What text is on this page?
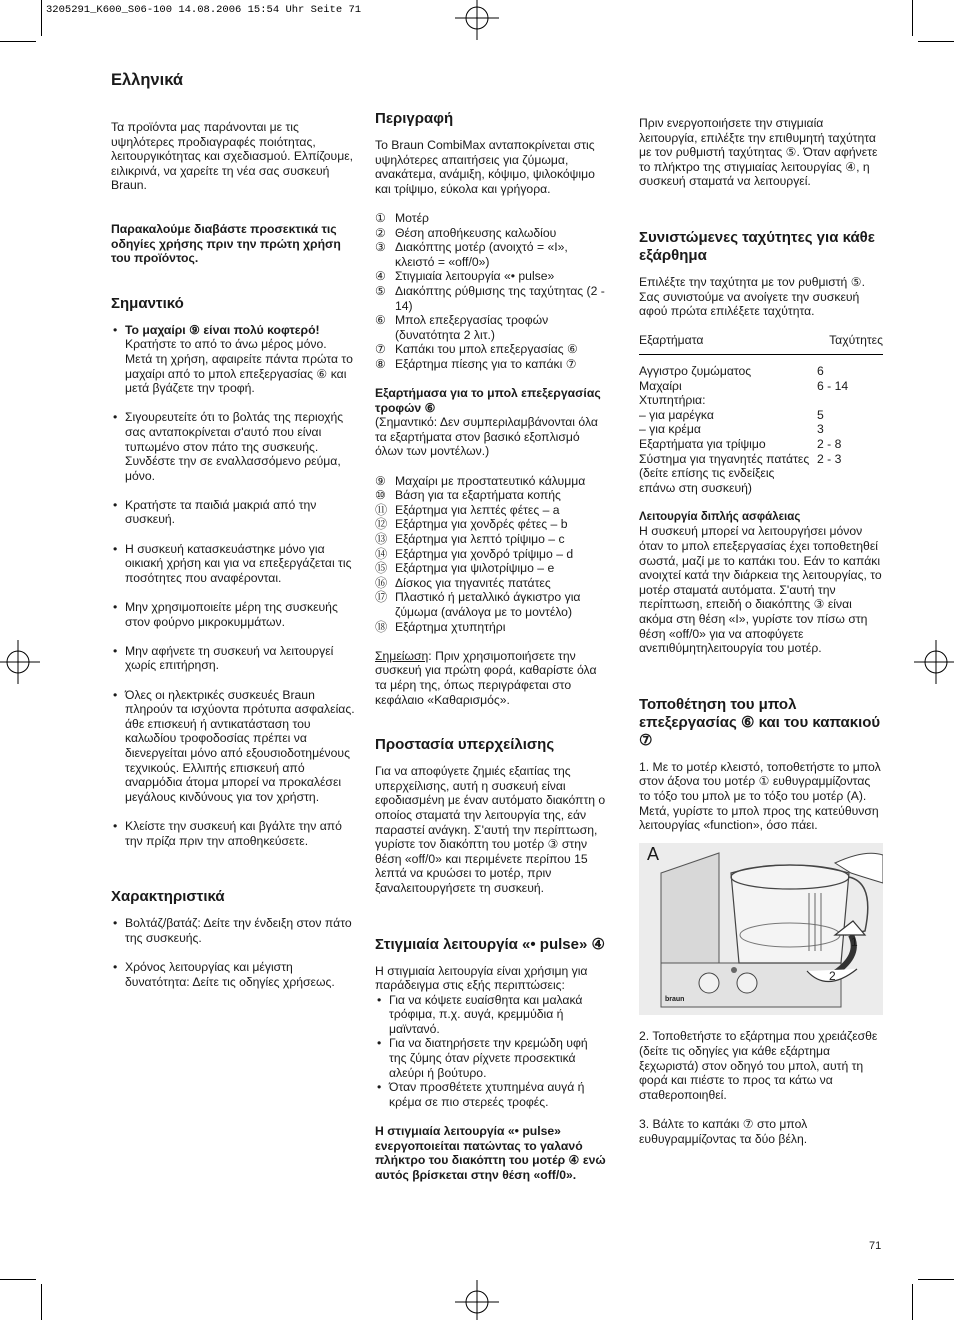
3205291_K600_S06-100 14.08.2006 15:54 Uhr Seite 71
Ελληνικά

Τα προϊόντα μας παράνονται με τις υψηλότερες προδιαγραφές ποιότητας, λειτουργικότητας και σχεδιασμού. Ελπίζουμε, ειλικρινά, να χαρείτε τη νέα σας συσκευή Braun.

Παρακαλούμε διαβάστε προσεκτικά τις οδηγίες χρήσης πριν την πρώτη χρήση του προϊόντος.

Σημαντικό
• Το μαχαίρι ⑨ είναι πολύ κοφτερό! Κρατήστε το από το άνω μέρος μόνο. Μετά τη χρήση, αφαιρείτε πάντα πρώτα το μαχαίρι από το μπολ επεξεργασίας ⑥ και μετά βγάζετε την τροφή.
• Σιγουρευτείτε ότι το βολτάς της περιοχής σας ανταποκρίνεται σ'αυτό που είναι τυπωμένο στον πάτο της συσκευής. Συνδέστε την σε εναλλασσόμενο ρεύμα, μόνο.
• Κρατήστε τα παιδιά μακριά από την συσκευή.
• Η συσκευή κατασκευάστηκε μόνο για οικιακή χρήση και για να επεξεργάζεται τις ποσότητες που αναφέρονται.
• Μην χρησιμοποιείτε μέρη της συσκευής στον φούρνο μικροκυμμάτων.
• Μην αφήνετε τη συσκευή να λειτουργεί χωρίς επιτήρηση.
• Όλες οι ηλεκτρικές συσκευές Braun πληρούν τα ισχύοντα πρότυπα ασφαλείας. άθε επισκευή ή αντικατάσταση του καλωδίου τροφοδοσίας πρέπει να διενεργείται μόνο από εξουσιοδοτημένους τεχνικούς. Ελλιπής επισκευή από αναρμόδια άτομα μπορεί να προκαλέσει μεγάλους κινδύνους για τον χρήστη.
• Κλείστε την συσκευή και βγάλτε την από την πρίζα πριν την αποθηκεύσετε.
Χαρακτηριστικά
• Βολτάζ/βατάζ: Δείτε την ένδειξη στον πάτο της συσκευής.
• Χρόνος λειτουργίας και μέγιστη δυνατότητα: Δείτε τις οδηγίες χρήσεως.
Περιγραφή

Το Braun CombiMax ανταποκρίνεται στις υψηλότερες απαιτήσεις για ζύμωμα, ανακάτεμα, ανάμιξη, κόψιμο, ψιλοκόψιμο και τρίψιμο, εύκολα και γρήγορα.

① Μοτέρ
② Θέση αποθήκευσης καλωδίου
③ Διακόπτης μοτέρ (ανοιχτό = «I», κλειστό = «off/0»)
④ Στιγμιαία λειτουργία «• pulse»
⑤ Διακόπτης ρύθμισης της ταχύτητας (2 - 14)
⑥ Μπολ επεξεργασίας τροφών (δυνατότητα 2 λιτ.)
⑦ Καπάκι του μπολ επεξεργασίας ⑥
⑧ Εξάρτημα πίεσης για το καπάκι ⑦

Εξαρτήμασα για το μπολ επεξεργασίας τροφών ⑥

(Σημαντικό: Δεν συμπεριλαμβάνονται όλα τα εξαρτήματα στον βασικό εξοπλισμό όλων των μοντέλων.)

⑨ Μαχαίρι με προστατευτικό κάλυμμα
⑩ Βάση για τα εξαρτήματα κοπής
⑪ Εξάρτημα για λεπτές φέτες – a
⑫ Εξάρτημα για χονδρές φέτες – b
⑬ Εξάρτημα για λεπτό τρίψιμο – c
⑭ Εξάρτημα για χονδρό τρίψιμο – d
⑮ Εξάρτημα για ψιλοτρίψιμο – e
⑯ Δίσκος για τηγανιτές πατάτες
⑰ Πλαστικό ή μεταλλικό άγκιστρο για ζύμωμα (ανάλογα με το μοντέλο)
⑱ Εξάρτημα χτυπητήρι

Σημείωση: Πριν χρησιμοποιήσετε την συσκευή για πρώτη φορά, καθαρίστε όλα τα μέρη της, όπως περιγράφεται στο κεφάλαιο «Καθαρισμός».

Προστασία υπερχείλισης

Για να αποφύγετε ζημιές εξαιτίας της υπερχείλισης, αυτή η συσκευή είναι εφοδιασμένη με έναν αυτόματο διακόπτη ο οποίος σταματά την λειτουργία της, εάν παραστεί ανάγκη. Σ'αυτή την περίπτωση, γυρίστε τον διακόπτη του μοτέρ ③ στην θέση «off/0» και περιμένετε περίπου 15 λεπτά να κρυώσει το μοτέρ, πριν ξαναλειτουργήσετε τη συσκευή.

Στιγμιαία λειτουργία «• pulse» ④

Η στιγμιαία λειτουργία είναι χρήσιμη για παράδειγμα στις εξής περιπτώσεις:

• Για να κόψετε ευαίσθητα και μαλακά τρόφιμα, π.χ. αυγά, κρεμμύδια ή μαϊντανό.
• Για να διατηρήσετε την κρεμώδη υφή της ζύμης όταν ρίχνετε προσεκτικά αλεύρι ή βούτυρο.
• Όταν προσθέτετε χτυπημένα αυγά ή κρέμα σε πιο στερεές τροφές.

Η στιγμιαία λειτουργία «• pulse» ενεργοποιείται πατώντας το γαλανό πλήκτρο του διακόπτη του μοτέρ ④ ενώ αυτός βρίσκεται στην θέση «off/0».

Πριν ενεργοποιήσετε την στιγμιαία λειτουργία, επιλέξτε την επιθυμητή ταχύτητα με τον ρυθμιστή ταχύτητας ⑤. Όταν αφήνετε το πλήκτρο της στιγμιαίας λειτουργίας ④, η συσκευή σταματά να λειτουργεί.

Συνιστώμενες ταχύτητες για κάθε εξάρθημα

Επιλέξτε την ταχύτητα με τον ρυθμιστή ⑤. Σας συνιστούμε να ανοίγετε την συσκευή αφού πρώτα επιλέξετε ταχύτητα.

Εξαρτήματα	Ταχύτητες

Αγγιστρο ζυμώματος	6
Μαχαίρι	6 - 14
Χτυπητήρια:	
– για μαρέγκα	5
– για κρέμα	3
Εξαρτήματα για τρίψιμο	2 - 8
Σύστημα για τηγανητές πατάτες	2 - 3
(δείτε επίσης τις ενδείξεις επάνω στη συσκευή)	

Λειτουργία διπλής ασφάλειας

Η συσκευή μπορεί να λειτουργήσει μόνον όταν το μπολ επεξεργασίας έχει τοποθετηθεί σωστά, μαζί με το καπάκι του. Εάν το καπάκι ανοιχτεί κατά την διάρκεια της λειτουργίας, το μοτέρ σταματά αυτόματα. Σ'αυτή την περίπτωση, επειδή ο διακόπτης ③ είναι ακόμα στη θέση «I», γυρίστε τον πίσω στη θέση «off/0» για να αποφύγετε ανεπιθύμητηλειτουργία του μοτέρ.

Τοποθέτηση του μπολ επεξεργασίας ⑥ και του καπακιού ⑦

1. Με το μοτέρ κλειστό, τοποθετήστε το μπολ στον άξονα του μοτέρ ① ευθυγραμμίζοντας το τόξο του μπολ με το τόξο του μοτέρ (A). Μετά, γυρίστε το μπολ προς της κατεύθυνση λειτουργίας «function», όσο πάει.

A
1
2
braun

2. Τοποθετήστε το εξάρτημα που χρειάζεσθε (δείτε τις οδηγίες για κάθε εξάρτημα ξεχωριστά) στον οδηγό του μπολ, αυτή τη φορά και πιέστε το προς τα κάτω να σταθεροποιηθεί.

3. Βάλτε το καπάκι ⑦ στο μπολ ευθυγραμμίζοντας τα δύο βέλη.

71
